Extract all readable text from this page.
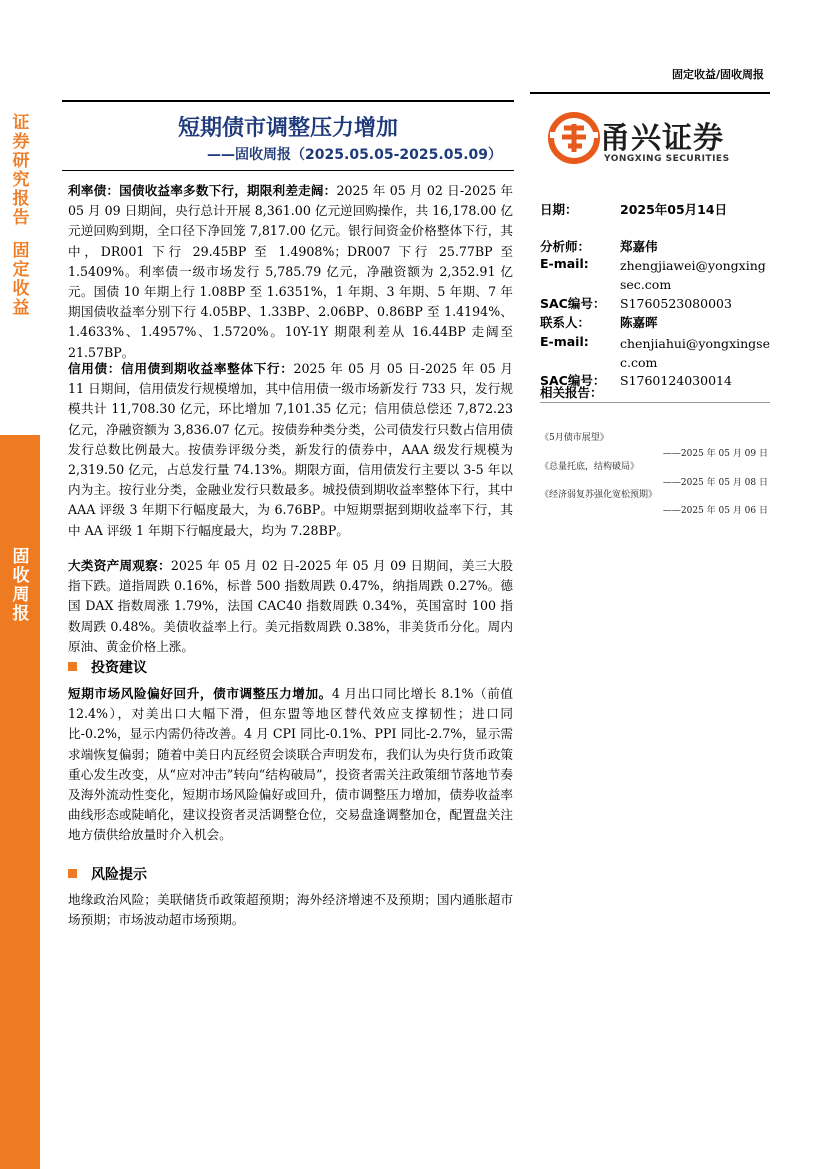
证
券
研
究
报
告
固
定
收
益
固
收
周
报
固定收益/固收周报
短期债市调整压力增加
——固收周报（2025.05.05-2025.05.09）	甬兴证券
YONGXING SECURITIES
利率债：国债收益率多数下行，期限利差走阔：2025 年 05 月 02 日-2025 年 05 月 09 日期间，央行总计开展 8,361.00 亿元逆回购操作，共 16,178.00 亿元逆回购到期，全口径下净回笼 7,817.00 亿元。银行间资金价格整体下行，其中，DR001 下行 29.45BP 至 1.4908%；DR007 下行 25.77BP 至 1.5409%。利率债一级市场发行 5,785.79 亿元，净融资额为 2,352.91 亿元。国债 10 年期上行 1.08BP 至 1.6351%，1 年期、3 年期、5 年期、7 年期国债收益率分别下行 4.05BP、1.33BP、2.06BP、0.86BP 至 1.4194%、1.4633%、1.4957%、1.5720%。10Y-1Y 期限利差从 16.44BP 走阔至 21.57BP。
信用债：信用债到期收益率整体下行：2025 年 05 月 05 日-2025 年 05 月 11 日期间，信用债发行规模增加，其中信用债一级市场新发行 733 只，发行规模共计 11,708.30 亿元，环比增加 7,101.35 亿元；信用债总偿还 7,872.23 亿元，净融资额为 3,836.07 亿元。按债券种类分类，公司债发行只数占信用债发行总数比例最大。按债券评级分类，新发行的债券中，AAA 级发行规模为 2,319.50 亿元，占总发行量 74.13%。期限方面，信用债发行主要以 3-5 年以内为主。按行业分类，金融业发行只数最多。城投债到期收益率整体下行，其中 AAA 评级 3 年期下行幅度最大，为 6.76BP。中短期票据到期收益率下行，其中 AA 评级 1 年期下行幅度最大，均为 7.28BP。
大类资产周观察：2025 年 05 月 02 日-2025 年 05 月 09 日期间，美三大股指下跌。道指周跌 0.16%，标普 500 指数周跌 0.47%，纳指周跌 0.27%。德国 DAX 指数周涨 1.79%，法国 CAC40 指数周跌 0.34%，英国富时 100 指数周跌 0.48%。美债收益率上行。美元指数周跌 0.38%，非美货币分化。周内原油、黄金价格上涨。
投资建议
短期市场风险偏好回升，债市调整压力增加。4 月出口同比增长 8.1%（前值 12.4%），对美出口大幅下滑，但东盟等地区替代效应支撑韧性；进口同比-0.2%，显示内需仍待改善。4 月 CPI 同比-0.1%、PPI 同比-2.7%，显示需求端恢复偏弱；随着中美日内瓦经贸会谈联合声明发布，我们认为央行货币政策重心发生改变，从“应对冲击”转向“结构破局”，投资者需关注政策细节落地节奏及海外流动性变化，短期市场风险偏好或回升，债市调整压力增加，债券收益率曲线形态或陡峭化，建议投资者灵活调整仓位，交易盘逢调整加仓，配置盘关注地方债供给放量时介入机会。
风险提示
地缘政治风险；美联储货币政策超预期；海外经济增速不及预期；国内通胀超市场预期；市场波动超市场预期。
日期：	2025年05月14日
分析师： 郑嘉伟
E-mail: zhengjiawei@yongxingsec.com
SAC编号： S1760523080003
联系人： 陈嘉晖
E-mail: chenjiahui@yongxingsec.com
SAC编号： S1760124030014
相关报告：
《5月债市展望》
——2025 年 05 月 09 日
《总量托底，结构破局》
——2025 年 05 月 08 日
《经济弱复苏强化宽松预期》
——2025 年 05 月 06 日
